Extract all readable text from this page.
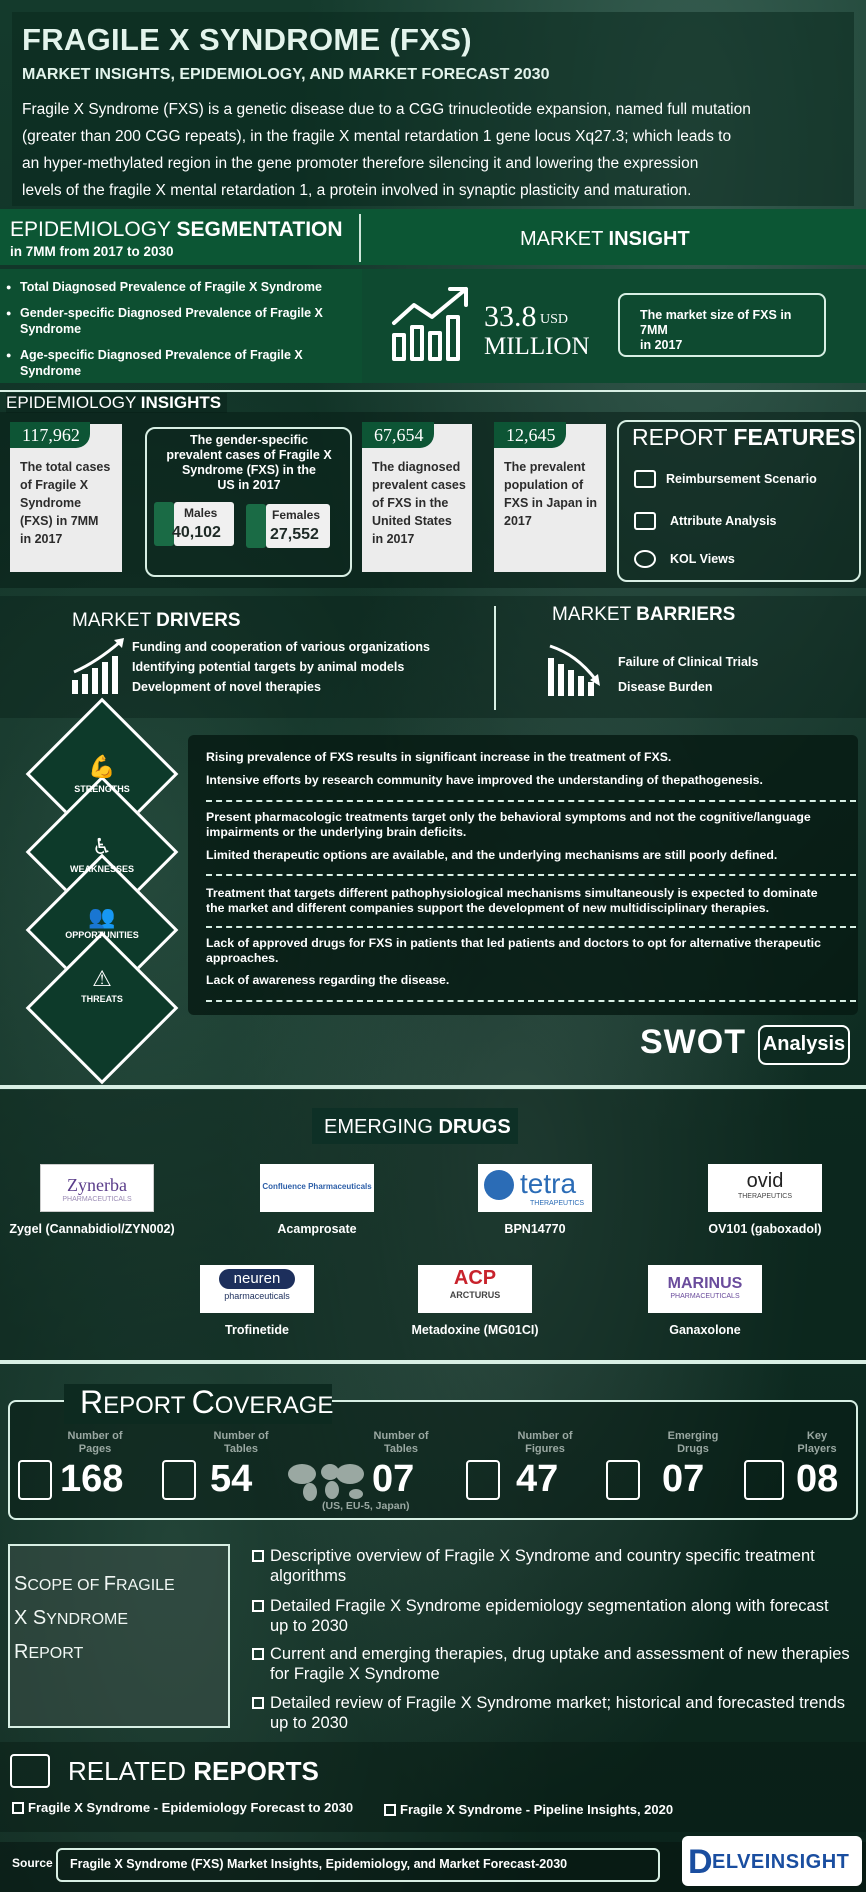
FRAGILE X SYNDROME (FXS)
MARKET INSIGHTS, EPIDEMIOLOGY, AND MARKET FORECAST 2030
Fragile X Syndrome (FXS) is a genetic disease due to a CGG trinucleotide expansion, named full mutation
(greater than 200 CGG repeats), in the fragile X mental retardation 1 gene locus Xq27.3; which leads to
an hyper-methylated region in the gene promoter therefore silencing it and lowering the expression
levels of the fragile X mental retardation 1, a protein involved in synaptic plasticity and maturation.
EPIDEMIOLOGY SEGMENTATION
in 7MM from 2017 to 2030
MARKET INSIGHT
● Total Diagnosed Prevalence of Fragile X Syndrome
● Gender-specific Diagnosed Prevalence of Fragile X
Syndrome
● Age-specific Diagnosed Prevalence of Fragile X
Syndrome
33.8 USD
MILLION
The market size of FXS in 7MM
in 2017
EPIDEMIOLOGY INSIGHTS
117,962
The total cases
of Fragile X
Syndrome
(FXS) in 7MM
in 2017
The gender-specific
prevalent cases of Fragile X
Syndrome (FXS) in the
US in 2017
Males
40,102
Females
27,552
67,654
The diagnosed
prevalent cases
of FXS in the
United States
in 2017
12,645
The prevalent
population of
FXS in Japan in
2017
REPORT FEATURES
Reimbursement Scenario
Attribute Analysis
KOL Views
MARKET DRIVERS
Funding and cooperation of various organizations
Identifying potential targets by animal models
Development of novel therapies
MARKET BARRIERS
Failure of Clinical Trials
Disease Burden
💪
STRENGTHS
♿
WEAKNESSES
👥
OPPORTUNITIES
⚠
THREATS
Rising prevalence of FXS results in significant increase in the treatment of FXS.
Intensive efforts by research community have improved the understanding of thepathogenesis.
Present pharmacologic treatments target only the behavioral symptoms and not the cognitive/language
impairments or the underlying brain deficits.
Limited therapeutic options are available, and the underlying mechanisms are still poorly defined.
Treatment that targets different pathophysiological mechanisms simultaneously is expected to dominate
the market and different companies support the development of new multidisciplinary therapies.
Lack of approved drugs for FXS in patients that led patients and doctors to opt for alternative therapeutic
approaches.
Lack of awareness regarding the disease.
SWOT Analysis
EMERGING DRUGS
Zynerba
PHARMACEUTICALS
Zygel (Cannabidiol/ZYN002)
Confluence Pharmaceuticals
Acamprosate
tetra
THERAPEUTICS
BPN14770
ovid
THERAPEUTICS
OV101 (gaboxadol)
neuren
pharmaceuticals
Trofinetide
ACP
ARCTURUS
Metadoxine (MG01CI)
MARINUS
PHARMACEUTICALS
Ganaxolone
REPORT COVERAGE
Number of
Pages
168
Number of
Tables
54
Number of
Tables
07
(US, EU-5, Japan)
Number of
Figures
47
Emerging
Drugs
07
Key
Players
08
SCOPE OF FRAGILE
X SYNDROME
REPORT
Descriptive overview of Fragile X Syndrome and country specific treatment
algorithms
Detailed Fragile X Syndrome epidemiology segmentation along with forecast
up to 2030
Current and emerging therapies, drug uptake and assessment of new therapies
for Fragile X Syndrome
Detailed review of Fragile X Syndrome market; historical and forecasted trends
up to 2030
RELATED REPORTS
Fragile X Syndrome - Epidemiology Forecast to 2030	Fragile X Syndrome - Pipeline Insights, 2020
Source Fragile X Syndrome (FXS) Market Insights, Epidemiology, and Market Forecast-2030	D ELVEINSIGHT
